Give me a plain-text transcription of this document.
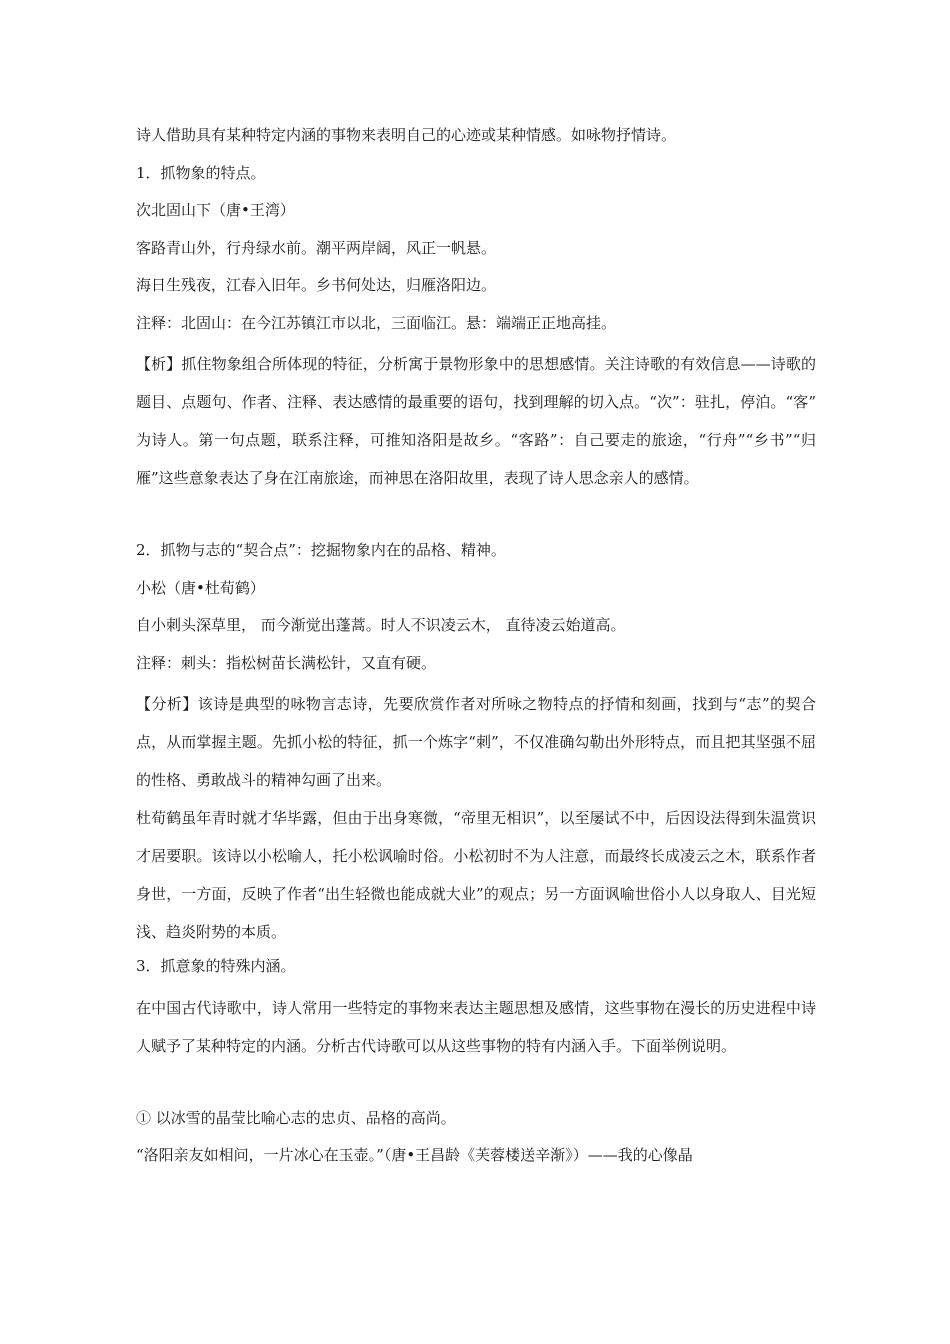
诗人借助具有某种特定内涵的事物来表明自己的心迹或某种情感。如咏物抒情诗。
1．抓物象的特点。
次北固山下（唐•王湾）
客路青山外，行舟绿水前。潮平两岸阔，风正一帆悬。
海日生残夜，江春入旧年。乡书何处达，归雁洛阳边。
注释：北固山：在今江苏镇江市以北，三面临江。悬：端端正正地高挂。
【析】抓住物象组合所体现的特征，分析寓于景物形象中的思想感情。关注诗歌的有效信息——诗歌的题目、点题句、作者、注释、表达感情的最重要的语句，找到理解的切入点。“次”：驻扎，停泊。“客” 为诗人。第一句点题，联系注释，可推知洛阳是故乡。“客路”：自己要走的旅途，“行舟”“乡书”“归雁”这些意象表达了身在江南旅途，而神思在洛阳故里，表现了诗人思念亲人的感情。
2．抓物与志的“契合点”：挖掘物象内在的品格、精神。
小松（唐•杜荀鹤）
自小刺头深草里， 而今渐觉出蓬蒿。时人不识凌云木， 直待凌云始道高。
注释：刺头：指松树苗长满松针，又直有硬。
【分析】该诗是典型的咏物言志诗，先要欣赏作者对所咏之物特点的抒情和刻画，找到与“志”的契合点，从而掌握主题。先抓小松的特征，抓一个炼字“刺”，不仅准确勾勒出外形特点，而且把其坚强不屈的性格、勇敢战斗的精神勾画了出来。
杜荀鹤虽年青时就才华毕露，但由于出身寒微，“帝里无相识”，以至屡试不中，后因设法得到朱温赏识才居要职。该诗以小松喻人，托小松讽喻时俗。小松初时不为人注意，而最终长成凌云之木，联系作者身世，一方面，反映了作者“出生轻微也能成就大业”的观点；另一方面讽喻世俗小人以身取人、目光短浅、趋炎附势的本质。
3．抓意象的特殊内涵。
在中国古代诗歌中，诗人常用一些特定的事物来表达主题思想及感情，这些事物在漫长的历史进程中诗人赋予了某种特定的内涵。分析古代诗歌可以从这些事物的特有内涵入手。下面举例说明。
① 以冰雪的晶莹比喻心志的忠贞、品格的高尚。
“洛阳亲友如相问，一片冰心在玉壶。”（唐•王昌龄《芙蓉楼送辛渐》）——我的心像晶
